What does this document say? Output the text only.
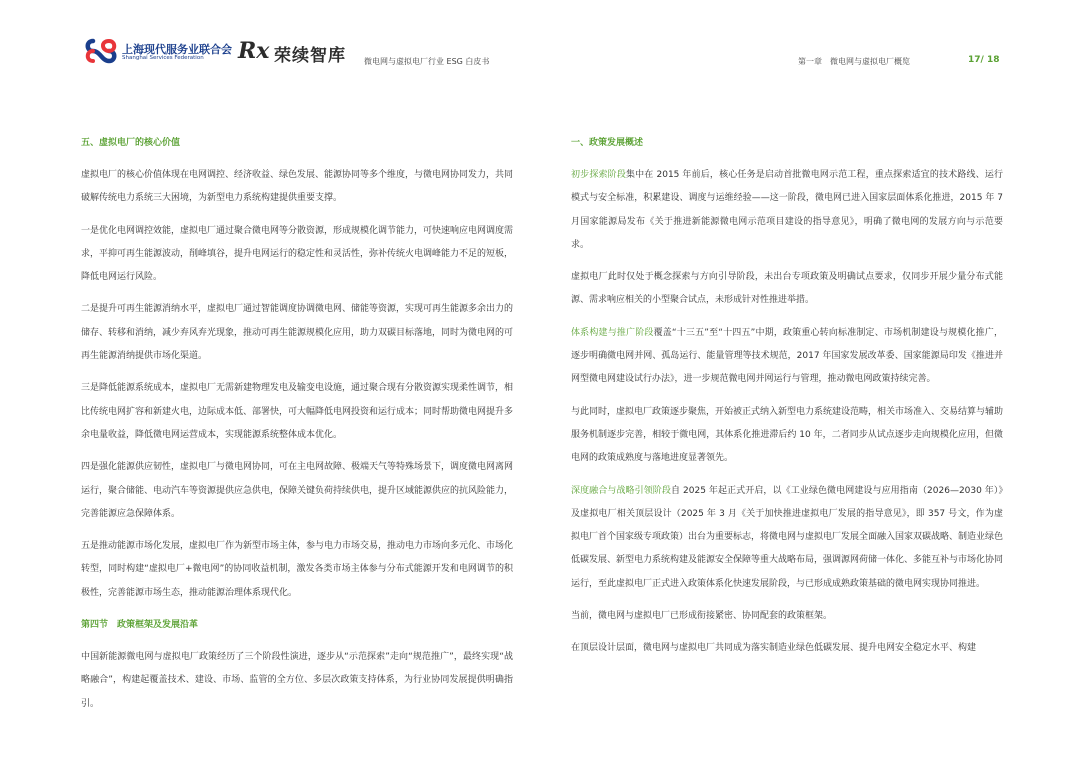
上海现代服务业联合会
Shanghai Services Federation Rx 荣续智库 微电网与虚拟电厂行业 ESG 白皮书	第一章　微电网与虚拟电厂概览	17/ 18
五、虚拟电厂的核心价值

虚拟电厂的核心价值体现在电网调控、经济收益、绿色发展、能源协同等多个维度，与微电网协同发力，共同破解传统电力系统三大困境，为新型电力系统构建提供重要支撑。

一是优化电网调控效能，虚拟电厂通过聚合微电网等分散资源，形成规模化调节能力，可快速响应电网调度需求，平抑可再生能源波动，削峰填谷，提升电网运行的稳定性和灵活性，弥补传统火电调峰能力不足的短板，降低电网运行风险。

二是提升可再生能源消纳水平，虚拟电厂通过智能调度协调微电网、储能等资源，实现可再生能源多余出力的储存、转移和消纳，减少弃风弃光现象，推动可再生能源规模化应用，助力双碳目标落地，同时为微电网的可再生能源消纳提供市场化渠道。

三是降低能源系统成本，虚拟电厂无需新建物理发电及输变电设施，通过聚合现有分散资源实现柔性调节，相比传统电网扩容和新建火电，边际成本低、部署快，可大幅降低电网投资和运行成本；同时帮助微电网提升多余电量收益，降低微电网运营成本，实现能源系统整体成本优化。

四是强化能源供应韧性，虚拟电厂与微电网协同，可在主电网故障、极端天气等特殊场景下，调度微电网离网运行，聚合储能、电动汽车等资源提供应急供电，保障关键负荷持续供电，提升区域能源供应的抗风险能力，完善能源应急保障体系。

五是推动能源市场化发展，虚拟电厂作为新型市场主体，参与电力市场交易，推动电力市场向多元化、市场化转型，同时构建“虚拟电厂+微电网”的协同收益机制，激发各类市场主体参与分布式能源开发和电网调节的积极性，完善能源市场生态，推动能源治理体系现代化。

第四节　政策框架及发展沿革

中国新能源微电网与虚拟电厂政策经历了三个阶段性演进，逐步从“示范探索”走向“规范推广”，最终实现“战略融合”，构建起覆盖技术、建设、市场、监管的全方位、多层次政策支持体系，为行业协同发展提供明确指引。

一、政策发展概述

初步探索阶段集中在 2015 年前后，核心任务是启动首批微电网示范工程，重点探索适宜的技术路线、运行模式与安全标准，积累建设、调度与运维经验——这一阶段，微电网已进入国家层面体系化推进，2015 年 7 月国家能源局发布《关于推进新能源微电网示范项目建设的指导意见》，明确了微电网的发展方向与示范要求。

虚拟电厂此时仅处于概念探索与方向引导阶段，未出台专项政策及明确试点要求，仅同步开展少量分布式能源、需求响应相关的小型聚合试点，未形成针对性推进举措。

体系构建与推广阶段覆盖“十三五”至“十四五”中期，政策重心转向标准制定、市场机制建设与规模化推广，逐步明确微电网并网、孤岛运行、能量管理等技术规范，2017 年国家发展改革委、国家能源局印发《推进并网型微电网建设试行办法》，进一步规范微电网并网运行与管理，推动微电网政策持续完善。

与此同时，虚拟电厂政策逐步聚焦，开始被正式纳入新型电力系统建设范畴，相关市场准入、交易结算与辅助服务机制逐步完善，相较于微电网，其体系化推进滞后约 10 年，二者同步从试点逐步走向规模化应用，但微电网的政策成熟度与落地进度显著领先。

深度融合与战略引领阶段自 2025 年起正式开启，以《工业绿色微电网建设与应用指南（2026—2030 年）》及虚拟电厂相关顶层设计（2025 年 3 月《关于加快推进虚拟电厂发展的指导意见》，即 357 号文，作为虚拟电厂首个国家级专项政策）出台为重要标志，将微电网与虚拟电厂发展全面融入国家双碳战略、制造业绿色低碳发展、新型电力系统构建及能源安全保障等重大战略布局，强调源网荷储一体化、多能互补与市场化协同运行，至此虚拟电厂正式进入政策体系化快速发展阶段，与已形成成熟政策基础的微电网实现协同推进。

当前，微电网与虚拟电厂已形成衔接紧密、协同配套的政策框架。

在顶层设计层面，微电网与虚拟电厂共同成为落实制造业绿色低碳发展、提升电网安全稳定水平、构建
